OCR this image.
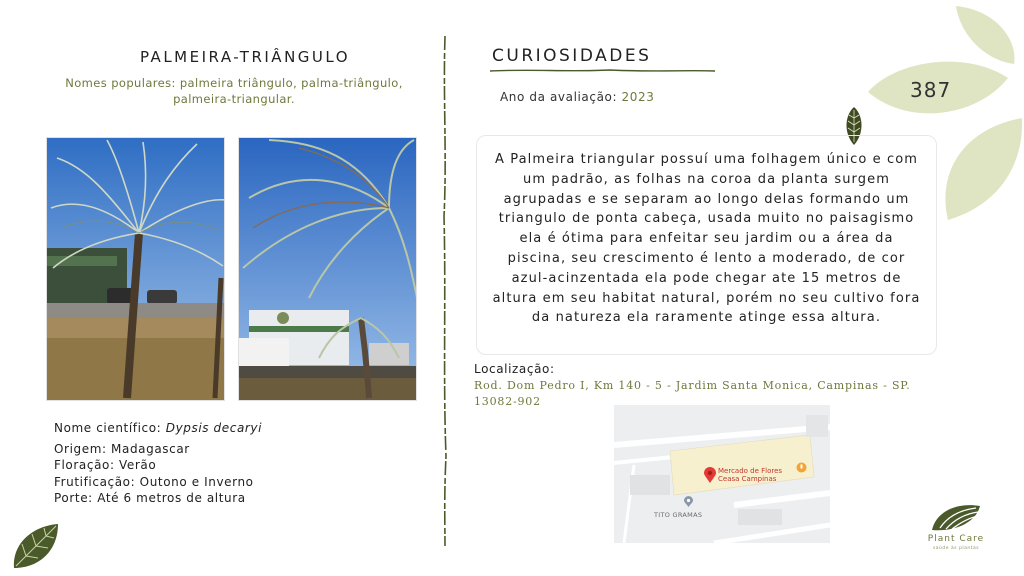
387
PALMEIRA-TRIÂNGULO
Nomes populares: palmeira triângulo, palma-triângulo, palmeira-triangular.
Nome científico: Dypsis decaryi
Origem: Madagascar
Floração: Verão
Frutificação: Outono e Inverno
Porte: Até 6 metros de altura
CURIOSIDADES
Ano da avaliação: 2023

A Palmeira triangular possuí uma folhagem único e com um padrão, as folhas na coroa da planta surgem agrupadas e se separam ao longo delas formando um triangulo de ponta cabeça, usada muito no paisagismo ela é ótima para enfeitar seu jardim ou a área da piscina, seu crescimento é lento a moderado, de cor azul-acinzentada ela pode chegar ate 15 metros de altura em seu habitat natural, porém no seu cultivo fora da natureza ela raramente atinge essa altura.

Localização:
Rod. Dom Pedro I, Km 140 - 5 - Jardim Santa Monica, Campinas - SP. 13082-902
Mercado de Flores
Ceasa Campinas
TITO GRAMAS
Plant Care
saúde às plantas
